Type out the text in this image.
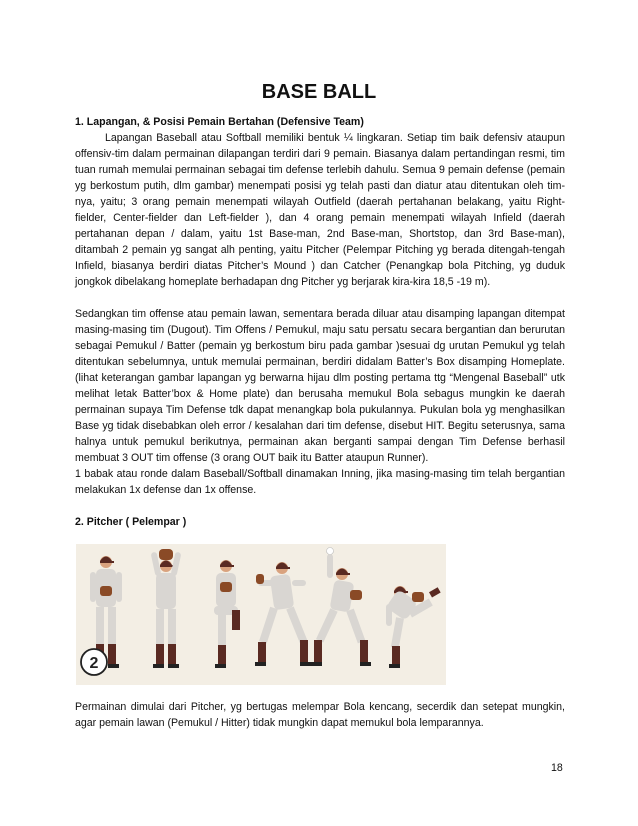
BASE BALL

1. Lapangan, & Posisi Pemain Bertahan (Defensive Team)

Lapangan Baseball atau Softball memiliki bentuk ¼ lingkaran. Setiap tim baik defensiv ataupun offensiv-tim dalam permainan dilapangan terdiri dari 9 pemain. Biasanya dalam pertandingan resmi, tim tuan rumah memulai permainan sebagai tim defense terlebih dahulu. Semua 9 pemain defense (pemain yg berkostum putih, dlm gambar) menempati posisi yg telah pasti dan diatur atau ditentukan oleh tim-nya, yaitu; 3 orang pemain menempati wilayah Outfield (daerah pertahanan belakang, yaitu Right-fielder, Center-fielder dan Left-fielder ), dan 4 orang pemain menempati wilayah Infield (daerah pertahanan depan / dalam, yaitu 1st Base-man, 2nd Base-man, Shortstop, dan 3rd Base-man), ditambah 2 pemain yg sangat alh penting, yaitu Pitcher (Pelempar Pitching yg berada ditengah-tengah Infield, biasanya berdiri diatas Pitcher’s Mound ) dan Catcher (Penangkap bola Pitching, yg duduk jongkok dibelakang homeplate berhadapan dng Pitcher yg berjarak kira-kira 18,5 -19 m).

Sedangkan tim offense atau pemain lawan, sementara berada diluar atau disamping lapangan ditempat masing-masing tim (Dugout). Tim Offens / Pemukul, maju satu persatu secara bergantian dan berurutan sebagai Pemukul / Batter (pemain yg berkostum biru pada gambar )sesuai dg urutan Pemukul yg telah ditentukan sebelumnya, untuk memulai permainan, berdiri didalam Batter’s Box disamping Homeplate.(lihat keterangan gambar lapangan yg berwarna hijau dlm posting pertama ttg “Mengenal Baseball” utk melihat letak Batter’box & Home plate) dan berusaha memukul Bola sebagus mungkin ke daerah permainan supaya Tim Defense tdk dapat menangkap bola pukulannya. Pukulan bola yg menghasilkan Base yg tidak disebabkan oleh error / kesalahan dari tim defense, disebut HIT. Begitu seterusnya, sama halnya untuk pemukul berikutnya, permainan akan berganti sampai dengan Tim Defense berhasil membuat 3 OUT tim offense (3 orang OUT baik itu Batter ataupun Runner).

1 babak atau ronde dalam Baseball/Softball dinamakan Inning, jika masing-masing tim telah bergantian melakukan 1x defense dan 1x offense.

2. Pitcher ( Pelempar )

2

Permainan dimulai dari Pitcher, yg bertugas melempar Bola kencang, secerdik dan setepat mungkin, agar pemain lawan (Pemukul / Hitter) tidak mungkin dapat memukul bola lemparannya.

18
